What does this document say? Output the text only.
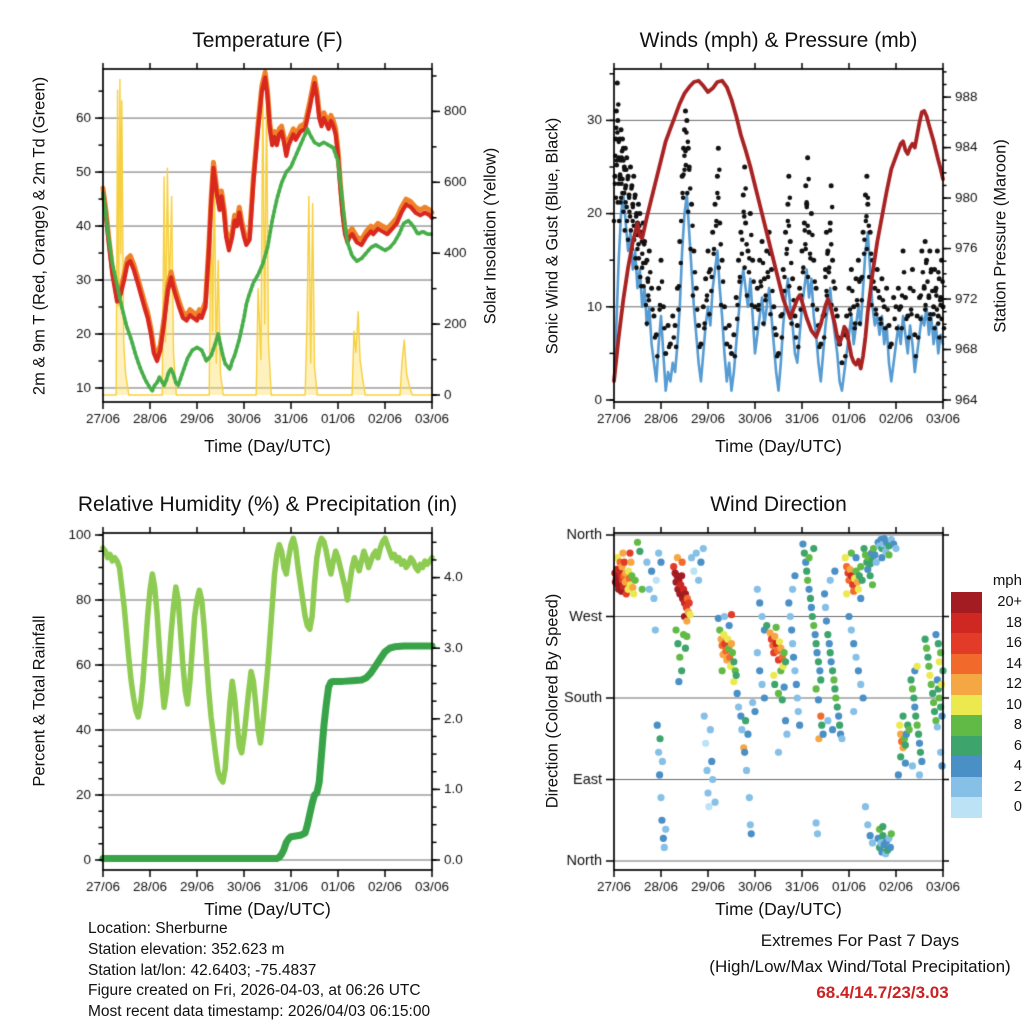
Temperature (F)	Winds (mph) & Pressure (mb)
Relative Humidity (%) & Precipitation (in)	Wind Direction
2m & 9m T (Red, Orange) & 2m Td (Green)	Solar Insolation (Yellow)	Sonic Wind & Gust (Blue, Black)	Station Pressure (Maroon)
Percent & Total Rainfall	Direction (Colored By Speed)
Time (Day/UTC)	Time (Day/UTC)
Time (Day/UTC)	Time (Day/UTC)
mph
Location: Sherburne
Station elevation: 352.623 m
Station lat/lon: 42.6403; -75.4837
Figure created on Fri, 2026-04-03, at 06:26 UTC
Most recent data timestamp: 2026/04/03 06:15:00
Extremes For Past 7 Days
(High/Low/Max Wind/Total Precipitation)
68.4/14.7/23/3.03
20+
18
16
14
12
10
8
6
4
2
0
